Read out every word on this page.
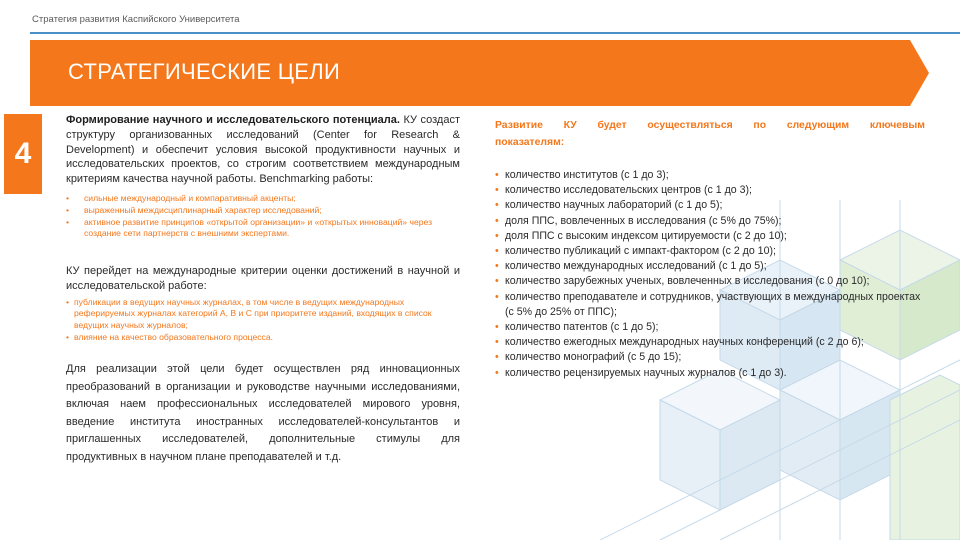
Стратегия развития Каспийского Университета
СТРАТЕГИЧЕСКИЕ ЦЕЛИ
4

Формирование научного и исследовательского потенциала. КУ создаст структуру организованных исследований (Center for Research & Development) и обеспечит условия высокой продуктивности научных и исследовательских проектов, со строгим соответствием международным критериям качества научной работы. Benchmarking работы:

• сильные международный и компаративный акценты;
• выраженный междисциплинарный характер исследований;
• активное развитие принципов «открытой организации» и «открытых инноваций» через создание сети партнерств с внешними экспертами.

КУ перейдет на международные критерии оценки достижений в научной и исследовательской работе:

• публикации в ведущих научных журналах, в том числе в ведущих международных реферируемых журналах категорий A, B и C при приоритете изданий, входящих в список ведущих научных журналов;
• влияние на качество образовательного процесса.

Для реализации этой цели будет осуществлен ряд инновационных преобразований в организации и руководстве научными исследованиями, включая наем профессиональных исследователей мирового уровня, введение института иностранных исследователей-консультантов и приглашенных исследователей, дополнительные стимулы для продуктивных в научном плане преподавателей и т.д.

Развитие КУ будет осуществляться по следующим ключевым показателям:

• количество институтов (с 1 до 3);
• количество исследовательских центров (с 1 до 3);
• количество научных лабораторий (с 1 до 5);
• доля ППС, вовлеченных в исследования (с 5% до 75%);
• доля ППС с высоким индексом цитируемости (с 2 до 10);
• количество публикаций с импакт-фактором (с 2 до 10);
• количество международных исследований (с 1 до 5);
• количество зарубежных ученых, вовлеченных в исследования (с 0 до 10);
• количество преподавателе и сотрудников, участвующих в международных проектах (с 5% до 25% от ППС);
• количество патентов (с 1 до 5);
• количество ежегодных международных научных конференций (с 2 до 6);
• количество монографий (с 5 до 15);
• количество рецензируемых научных журналов (с 1 до 3).
